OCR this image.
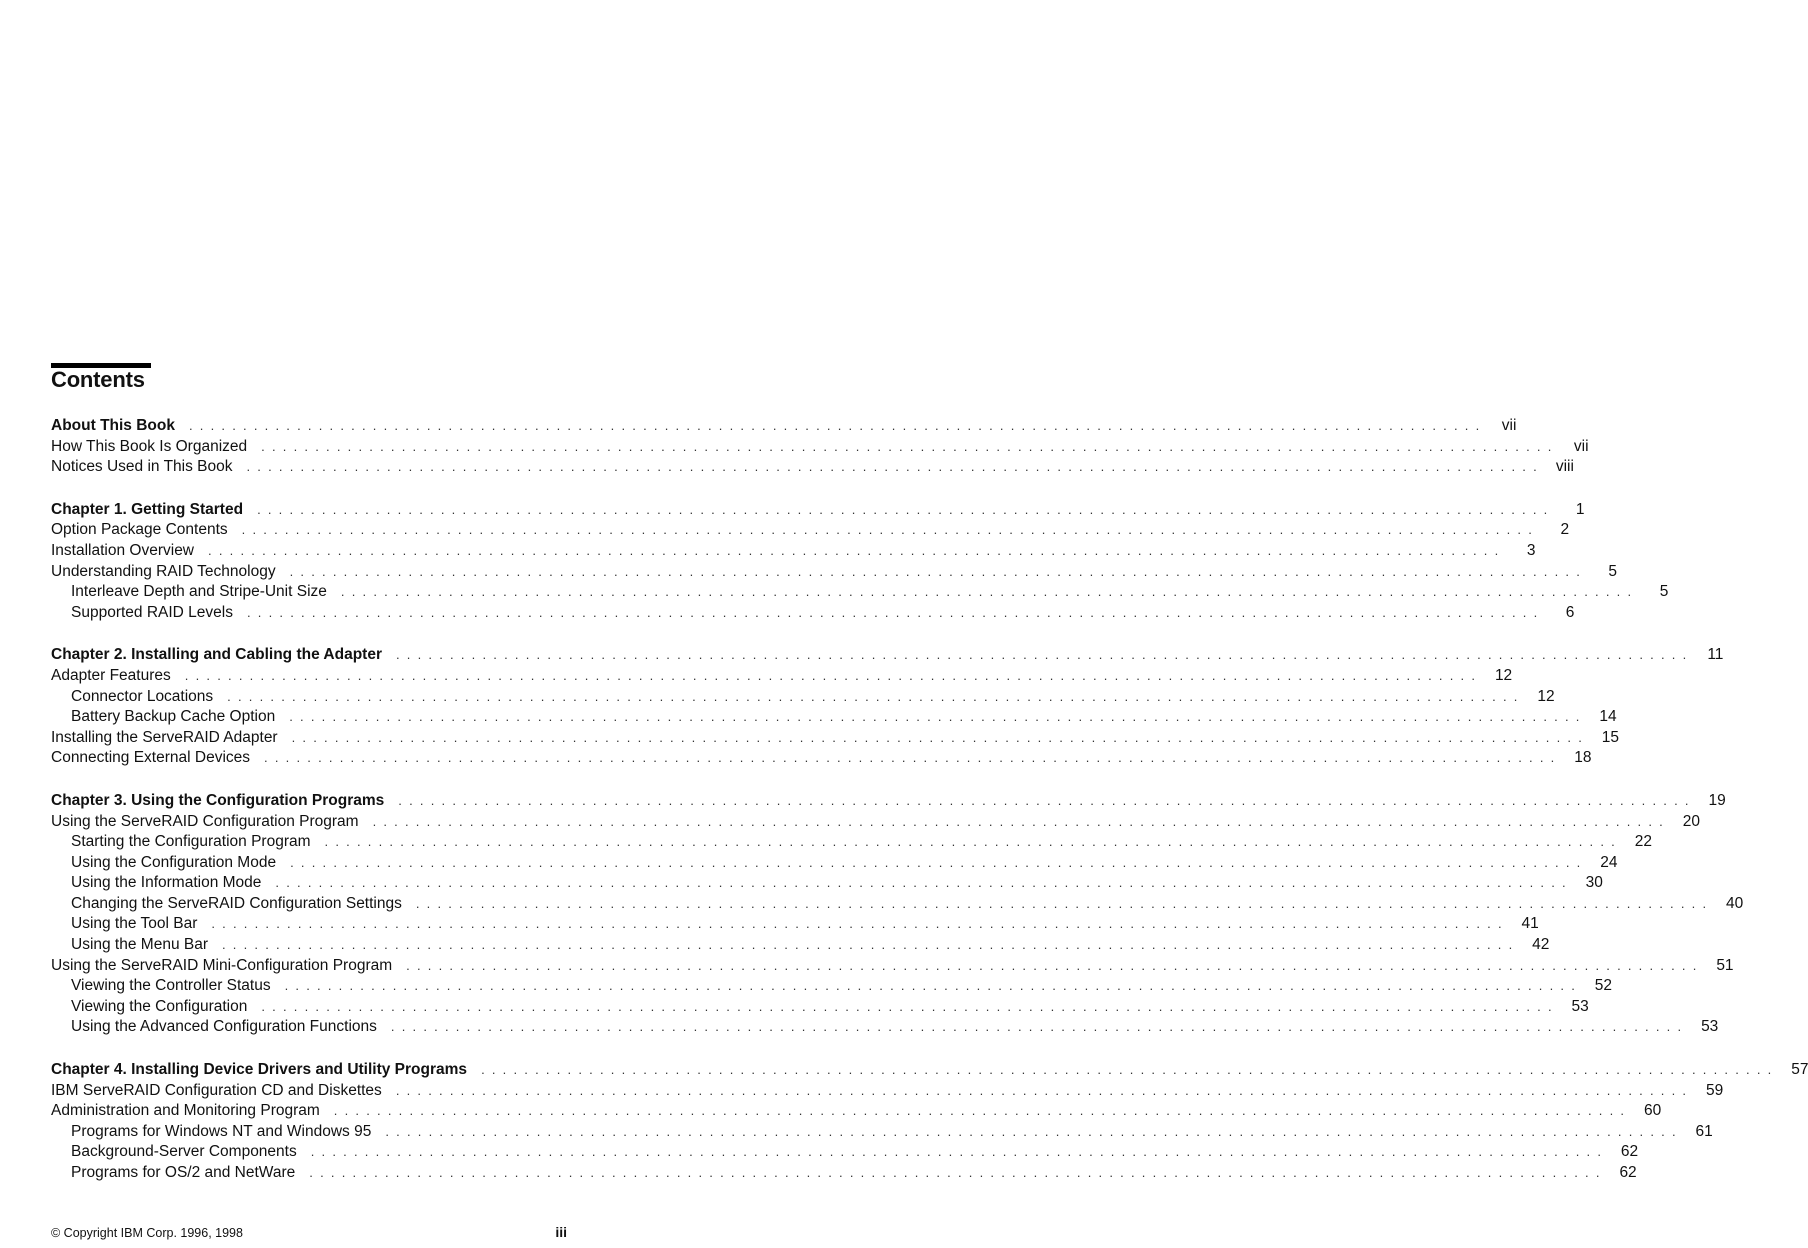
Contents
About This Book ........................................................................................................................ vii
How This Book Is Organized ........................................................................................................................ vii
Notices Used in This Book ........................................................................................................................ viii
Chapter 1. Getting Started ........................................................................................................................	1
Option Package Contents ........................................................................................................................	2
Installation Overview ........................................................................................................................	3
Understanding RAID Technology ........................................................................................................................	5
Interleave Depth and Stripe-Unit Size ........................................................................................................................	5
Supported RAID Levels ........................................................................................................................	6
Chapter 2. Installing and Cabling the Adapter ........................................................................................................................ 11
Adapter Features ........................................................................................................................ 12
Connector Locations ........................................................................................................................ 12
Battery Backup Cache Option ........................................................................................................................ 14
Installing the ServeRAID Adapter ........................................................................................................................ 15
Connecting External Devices ........................................................................................................................ 18
Chapter 3. Using the Configuration Programs ........................................................................................................................ 19
Using the ServeRAID Configuration Program ........................................................................................................................ 20
Starting the Configuration Program ........................................................................................................................ 22
Using the Configuration Mode ........................................................................................................................ 24
Using the Information Mode ........................................................................................................................ 30
Changing the ServeRAID Configuration Settings ........................................................................................................................ 40
Using the Tool Bar ........................................................................................................................ 41
Using the Menu Bar ........................................................................................................................ 42
Using the ServeRAID Mini-Configuration Program ........................................................................................................................ 51
Viewing the Controller Status ........................................................................................................................ 52
Viewing the Configuration ........................................................................................................................ 53
Using the Advanced Configuration Functions ........................................................................................................................ 53
Chapter 4. Installing Device Drivers and Utility Programs ........................................................................................................................ 57
IBM ServeRAID Configuration CD and Diskettes ........................................................................................................................ 59
Administration and Monitoring Program ........................................................................................................................ 60
Programs for Windows NT and Windows 95 ........................................................................................................................ 61
Background-Server Components ........................................................................................................................ 62
Programs for OS/2 and NetWare ........................................................................................................................ 62
© Copyright IBM Corp. 1996, 1998	iii
